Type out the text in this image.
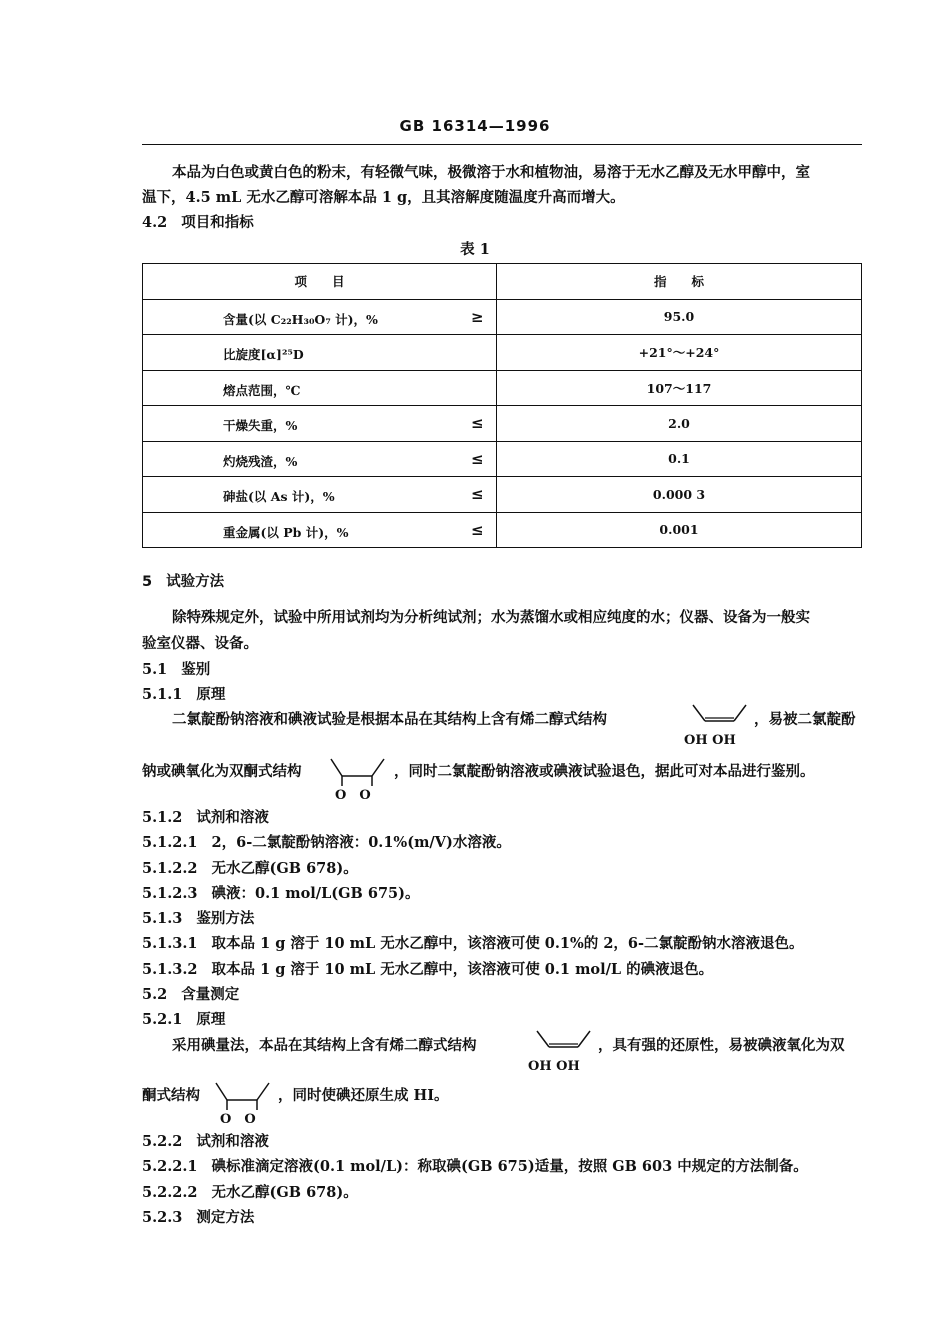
GB 16314—1996
本品为白色或黄白色的粉末，有轻微气味，极微溶于水和植物油，易溶于无水乙醇及无水甲醇中，室
温下，4.5 mL 无水乙醇可溶解本品 1 g，且其溶解度随温度升高而增大。
4.2 项目和指标
表 1
项　　目	指　　标

含量(以 C₂₂H₃₀O₇ 计)，% ≥	95.0

比旋度[α]²⁵D	+21°～+24°

熔点范围，℃	107～117

干燥失重，% ≤	2.0

灼烧残渣，% ≤	0.1

砷盐(以 As 计)，% ≤	0.000 3

重金属(以 Pb 计)，% ≤	0.001
5 试验方法
除特殊规定外，试验中所用试剂均为分析纯试剂；水为蒸馏水或相应纯度的水；仪器、设备为一般实
验室仪器、设备。
5.1 鉴别
5.1.1 原理
二氯靛酚钠溶液和碘液试验是根据本品在其结构上含有烯二醇式结构
OH OH
，易被二氯靛酚
钠或碘氧化为双酮式结构
O　O
，同时二氯靛酚钠溶液或碘液试验退色，据此可对本品进行鉴别。
5.1.2 试剂和溶液
5.1.2.1 2，6-二氯靛酚钠溶液：0.1%(m/V)水溶液。
5.1.2.2 无水乙醇(GB 678)。
5.1.2.3 碘液：0.1 mol/L(GB 675)。
5.1.3 鉴别方法
5.1.3.1 取本品 1 g 溶于 10 mL 无水乙醇中，该溶液可使 0.1%的 2，6-二氯靛酚钠水溶液退色。
5.1.3.2 取本品 1 g 溶于 10 mL 无水乙醇中，该溶液可使 0.1 mol/L 的碘液退色。
5.2 含量测定
5.2.1 原理
采用碘量法，本品在其结构上含有烯二醇式结构
OH OH
，具有强的还原性，易被碘液氧化为双
酮式结构
O　O
，同时使碘还原生成 HI。
5.2.2 试剂和溶液
5.2.2.1 碘标准滴定溶液(0.1 mol/L)：称取碘(GB 675)适量，按照 GB 603 中规定的方法制备。
5.2.2.2 无水乙醇(GB 678)。
5.2.3 测定方法
